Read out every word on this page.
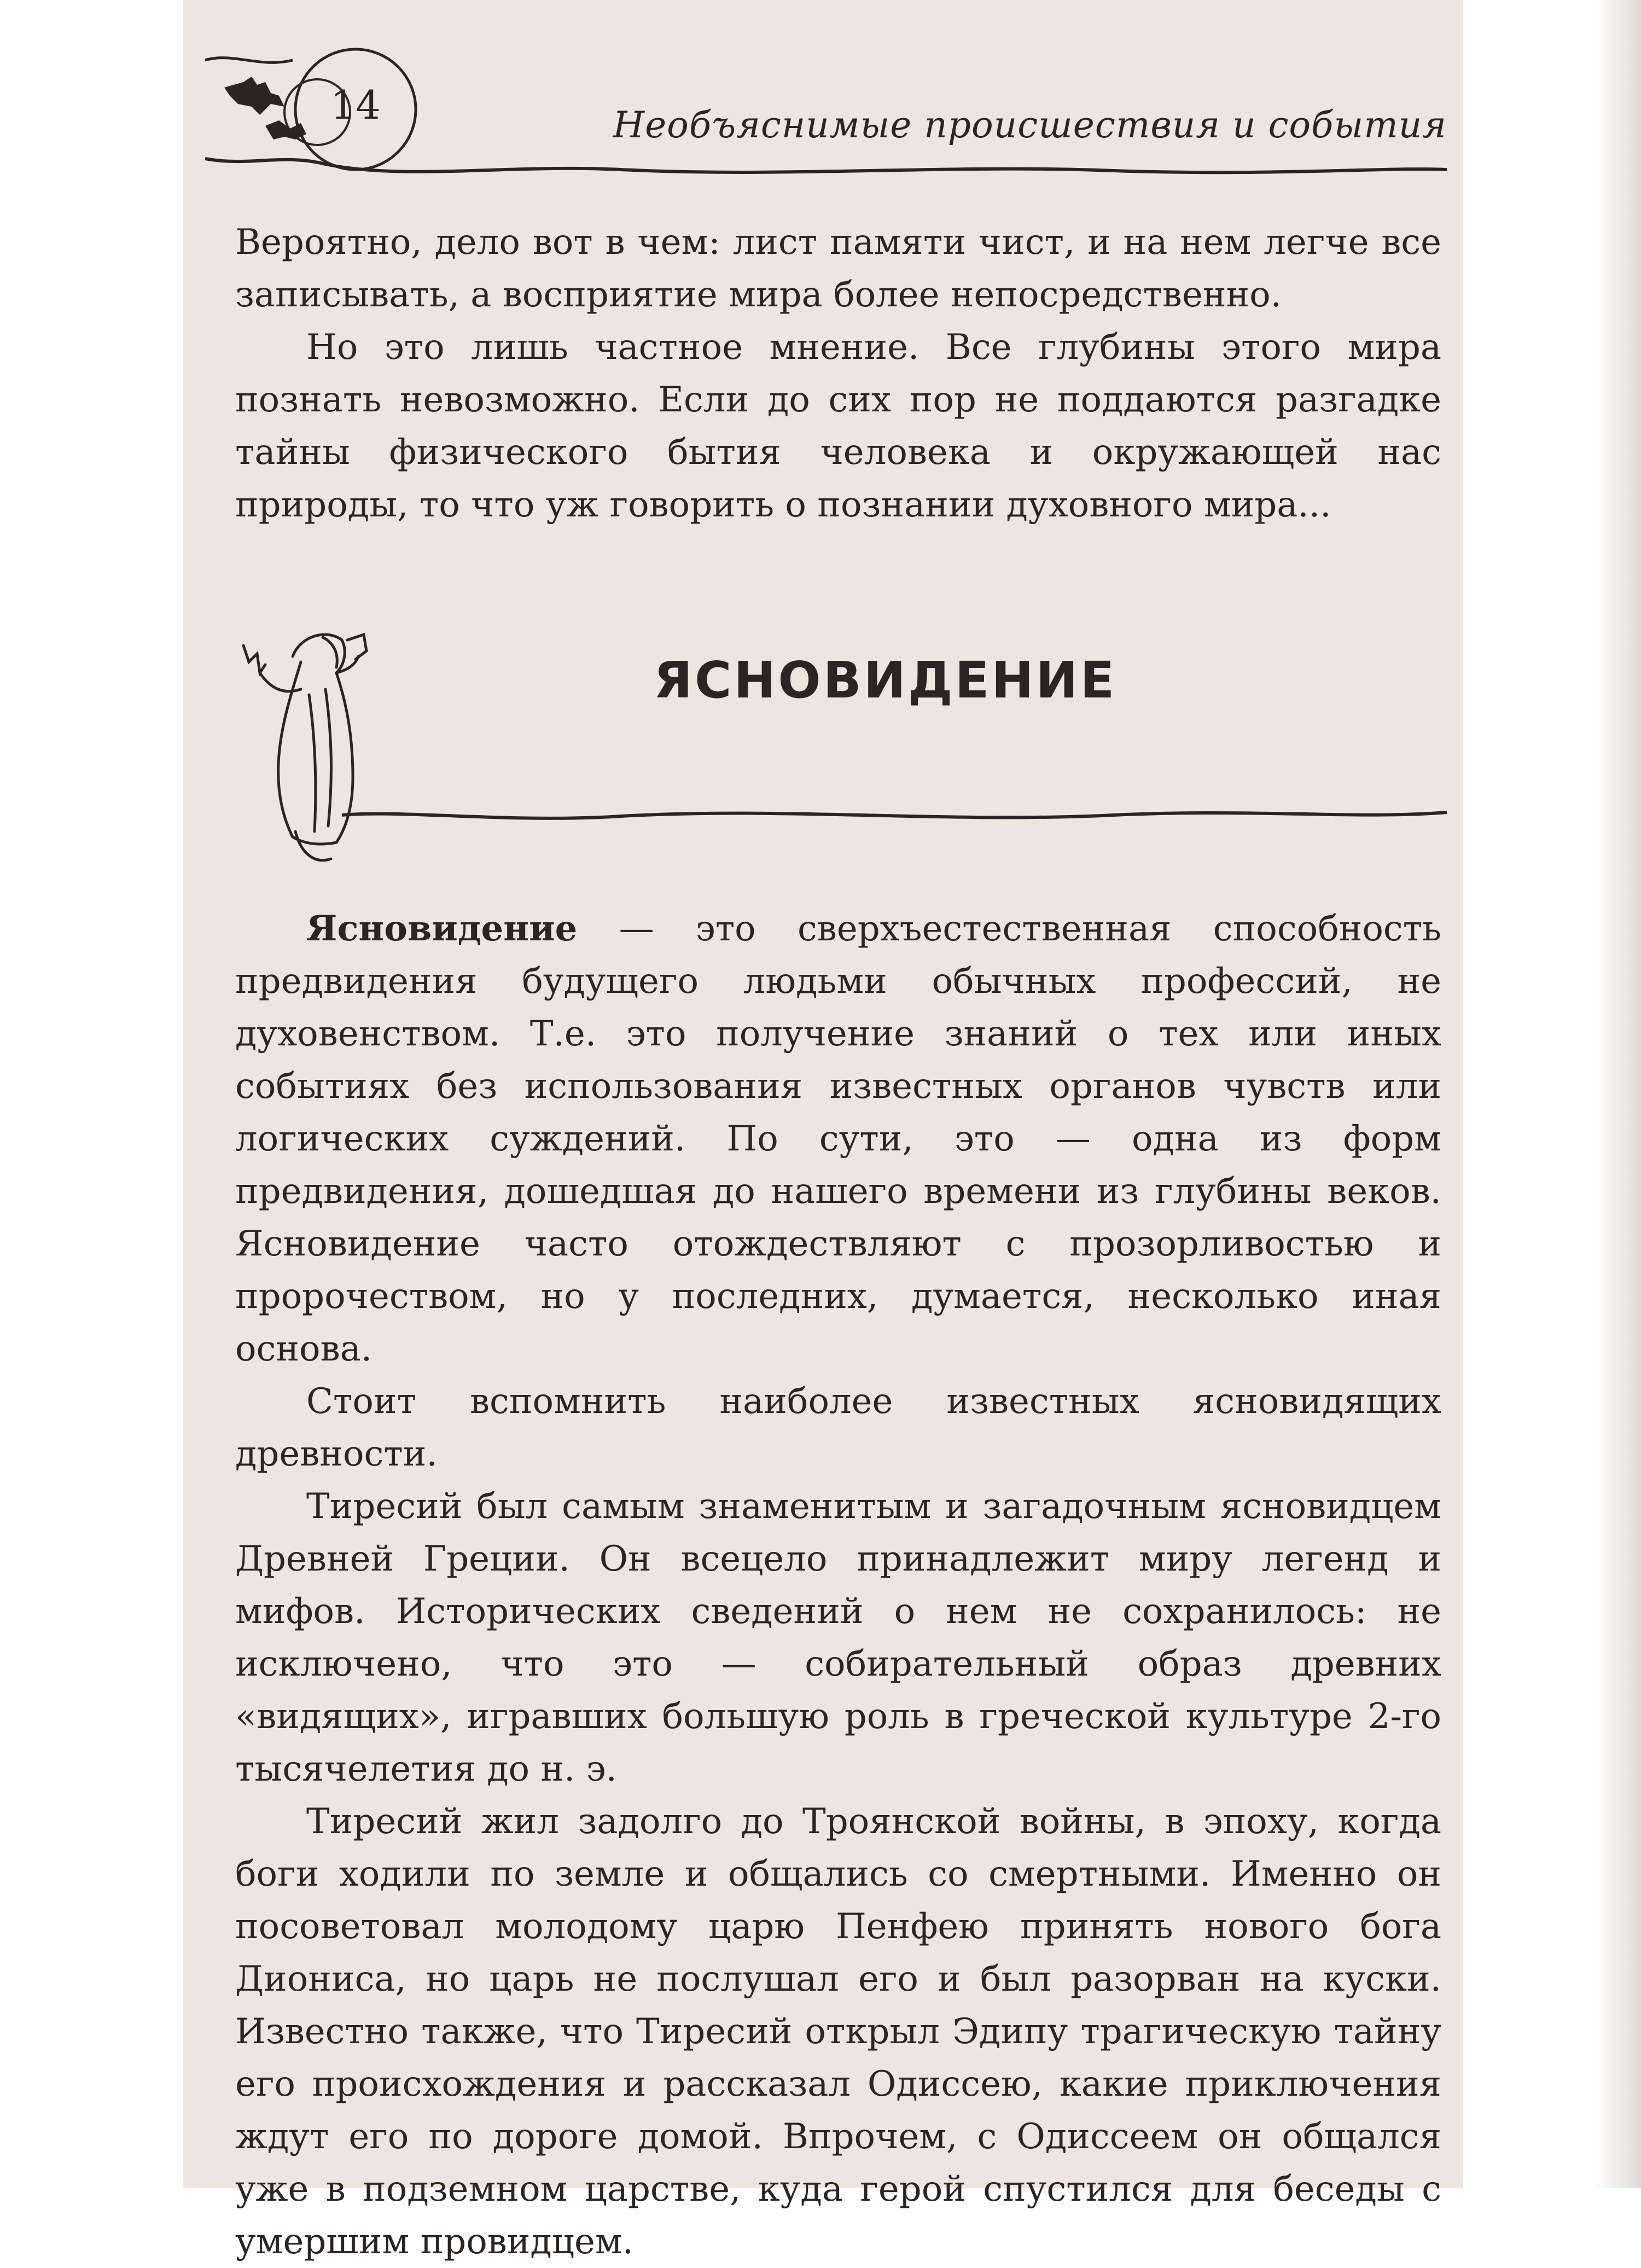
14	Необъяснимые происшествия и события

Вероятно, дело вот в чем: лист памяти чист, и на нем легче все записывать, а восприятие мира более непосредственно.

Но это лишь частное мнение. Все глубины этого мира познать невозможно. Если до сих пор не поддаются разгадке тайны физического бытия человека и окружающей нас природы, то что уж говорить о познании духовного мира...

ЯСНОВИДЕНИЕ

Ясновидение — это сверхъестественная способность предвидения будущего людьми обычных профессий, не духовенством. Т.е. это получение знаний о тех или иных событиях без использования известных органов чувств или логических суждений. По сути, это — одна из форм предвидения, дошедшая до нашего времени из глубины веков. Ясновидение часто отождествляют с прозорливостью и пророчеством, но у последних, думается, несколько иная основа.

Стоит вспомнить наиболее известных ясновидящих древности.

Тиресий был самым знаменитым и загадочным ясновидцем Древней Греции. Он всецело принадлежит миру легенд и мифов. Исторических сведений о нем не сохранилось: не исключено, что это — собирательный образ древних «видящих», игравших большую роль в греческой культуре 2-го тысячелетия до н. э.

Тиресий жил задолго до Троянской войны, в эпоху, когда боги ходили по земле и общались со смертными. Именно он посоветовал молодому царю Пенфею принять нового бога Диониса, но царь не послушал его и был разорван на куски. Известно также, что Тиресий открыл Эдипу трагическую тайну его происхождения и рассказал Одиссею, какие приключения ждут его по дороге домой. Впрочем, с Одиссеем он общался уже в подземном царстве, куда герой спустился для беседы с умершим провидцем.
